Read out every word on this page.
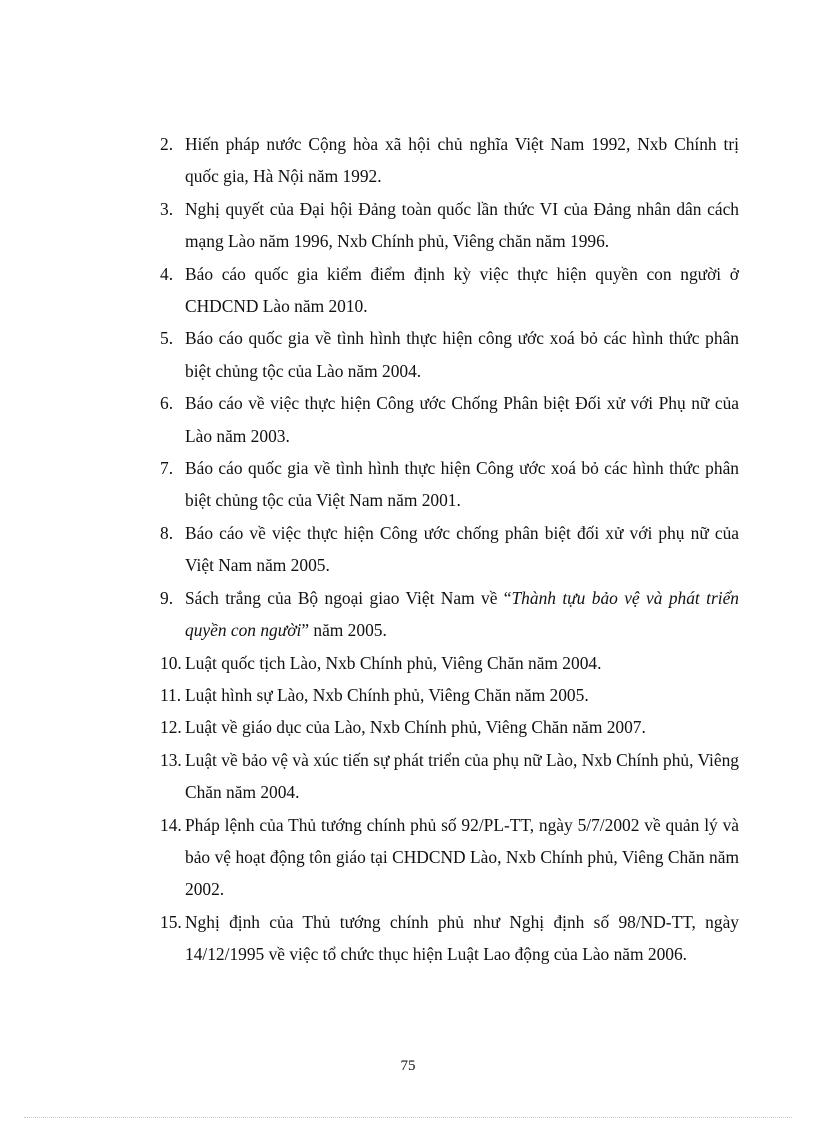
2. Hiến pháp nước Cộng hòa xã hội chủ nghĩa Việt Nam 1992, Nxb Chính trị quốc gia, Hà Nội năm 1992.
3. Nghị quyết của Đại hội Đảng toàn quốc lần thức VI của Đảng nhân dân cách mạng Lào năm 1996, Nxb Chính phủ, Viêng chăn năm 1996.
4. Báo cáo quốc gia kiểm điểm định kỳ việc thực hiện quyền con người ở CHDCND Lào năm 2010.
5. Báo cáo quốc gia về tình hình thực hiện công ước xoá bỏ các hình thức phân biệt chủng tộc của Lào năm 2004.
6. Báo cáo về việc thực hiện Công ước Chống Phân biệt Đối xử với Phụ nữ của Lào năm 2003.
7. Báo cáo quốc gia về tình hình thực hiện Công ước xoá bỏ các hình thức phân biệt chủng tộc của Việt Nam năm 2001.
8. Báo cáo về việc thực hiện Công ước chống phân biệt đối xử với phụ nữ của Việt Nam năm 2005.
9. Sách trắng của Bộ ngoại giao Việt Nam về “Thành tựu bảo vệ và phát triển quyền con người” năm 2005.
10. Luật quốc tịch Lào, Nxb Chính phủ, Viêng Chăn năm 2004.
11. Luật hình sự Lào, Nxb Chính phủ, Viêng Chăn năm 2005.
12. Luật về giáo dục của Lào, Nxb Chính phủ, Viêng Chăn năm 2007.
13. Luật về bảo vệ và xúc tiến sự phát triển của phụ nữ Lào, Nxb Chính phủ, Viêng Chăn năm 2004.
14. Pháp lệnh của Thủ tướng chính phủ số 92/PL-TT, ngày 5/7/2002 về quản lý và bảo vệ hoạt động tôn giáo tại CHDCND Lào, Nxb Chính phủ, Viêng Chăn năm 2002.
15. Nghị định của Thủ tướng chính phủ như Nghị định số 98/ND-TT, ngày 14/12/1995 về việc tổ chức thục hiện Luật Lao động của Lào năm 2006.
75
